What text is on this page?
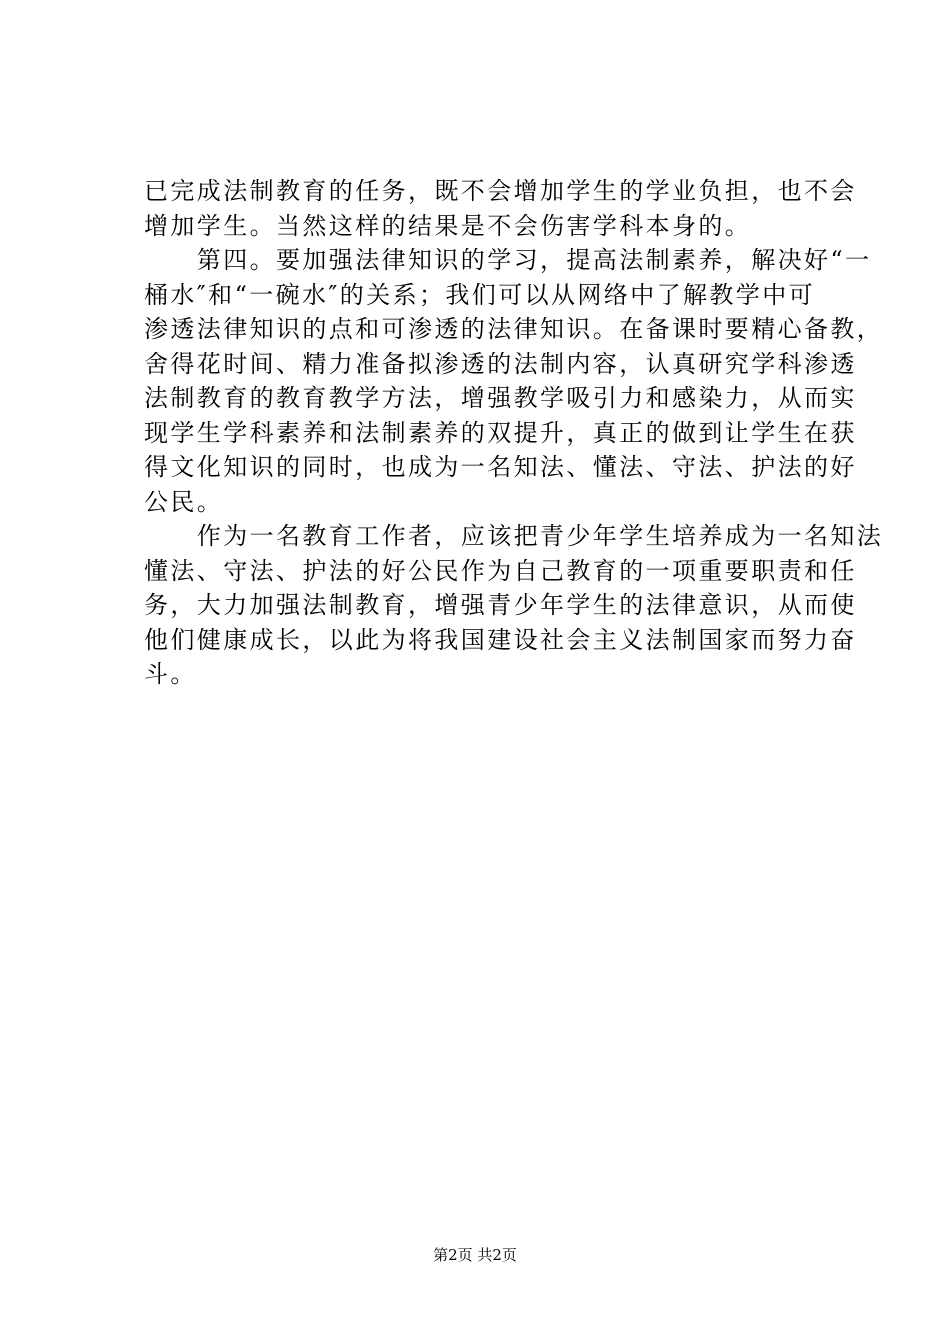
已完成法制教育的任务，既不会增加学生的学业负担，也不会
增加学生。当然这样的结果是不会伤害学科本身的。
　　第四。要加强法律知识的学习，提高法制素养，解决好“一
桶水″和“一碗水″的关系；我们可以从网络中了解教学中可
渗透法律知识的点和可渗透的法律知识。在备课时要精心备教，
舍得花时间、精力准备拟渗透的法制内容，认真研究学科渗透
法制教育的教育教学方法，增强教学吸引力和感染力，从而实
现学生学科素养和法制素养的双提升，真正的做到让学生在获
得文化知识的同时，也成为一名知法、懂法、守法、护法的好
公民。
　　作为一名教育工作者，应该把青少年学生培养成为一名知法
懂法、守法、护法的好公民作为自己教育的一项重要职责和任
务，大力加强法制教育，增强青少年学生的法律意识，从而使
他们健康成长，以此为将我国建设社会主义法制国家而努力奋
斗。
第2页 共2页
